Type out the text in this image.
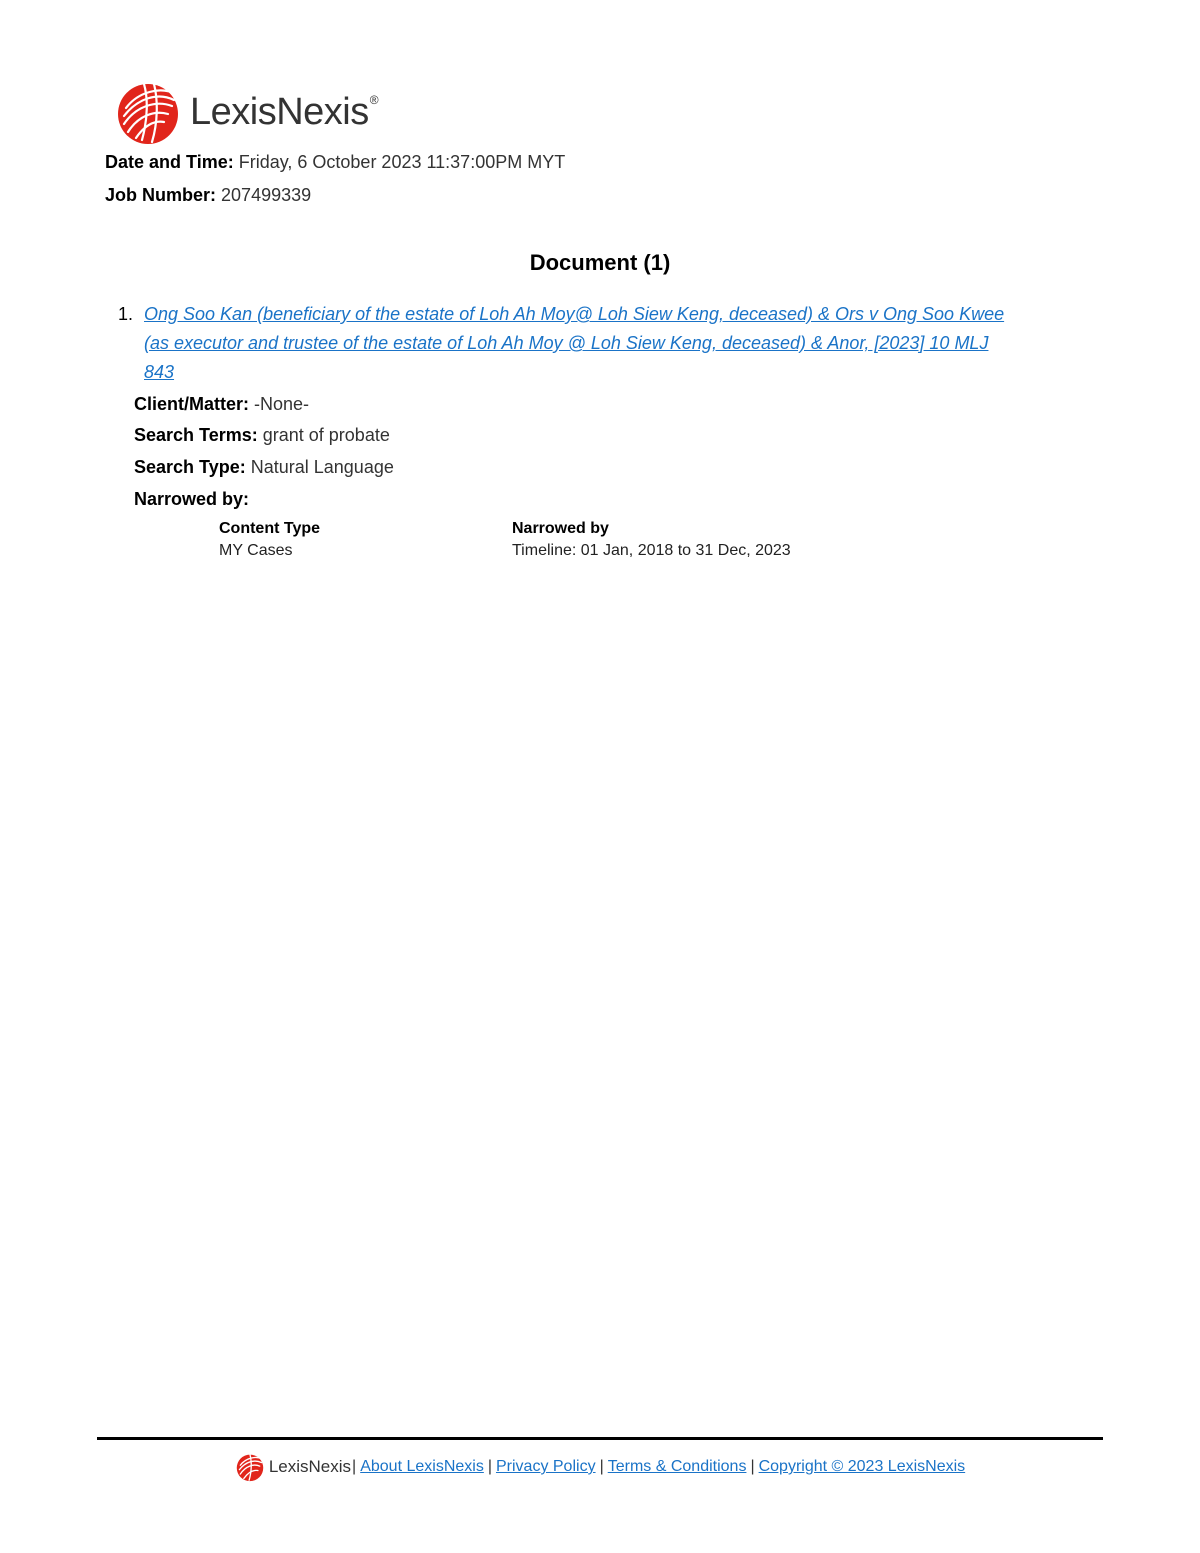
LexisNexis®
Date and Time: Friday, 6 October 2023 11:37:00PM MYT
Job Number: 207499339
Document (1)
1. Ong Soo Kan (beneficiary of the estate of Loh Ah Moy@ Loh Siew Keng, deceased) & Ors v Ong Soo Kwee
(as executor and trustee of the estate of Loh Ah Moy @ Loh Siew Keng, deceased) & Anor, [2023] 10 MLJ
843
Client/Matter: -None-
Search Terms: grant of probate
Search Type: Natural Language
Narrowed by:
Content Type
MY Cases
Narrowed by
Timeline: 01 Jan, 2018 to 31 Dec, 2023
LexisNexis | About LexisNexis | Privacy Policy | Terms & Conditions | Copyright © 2023 LexisNexis
